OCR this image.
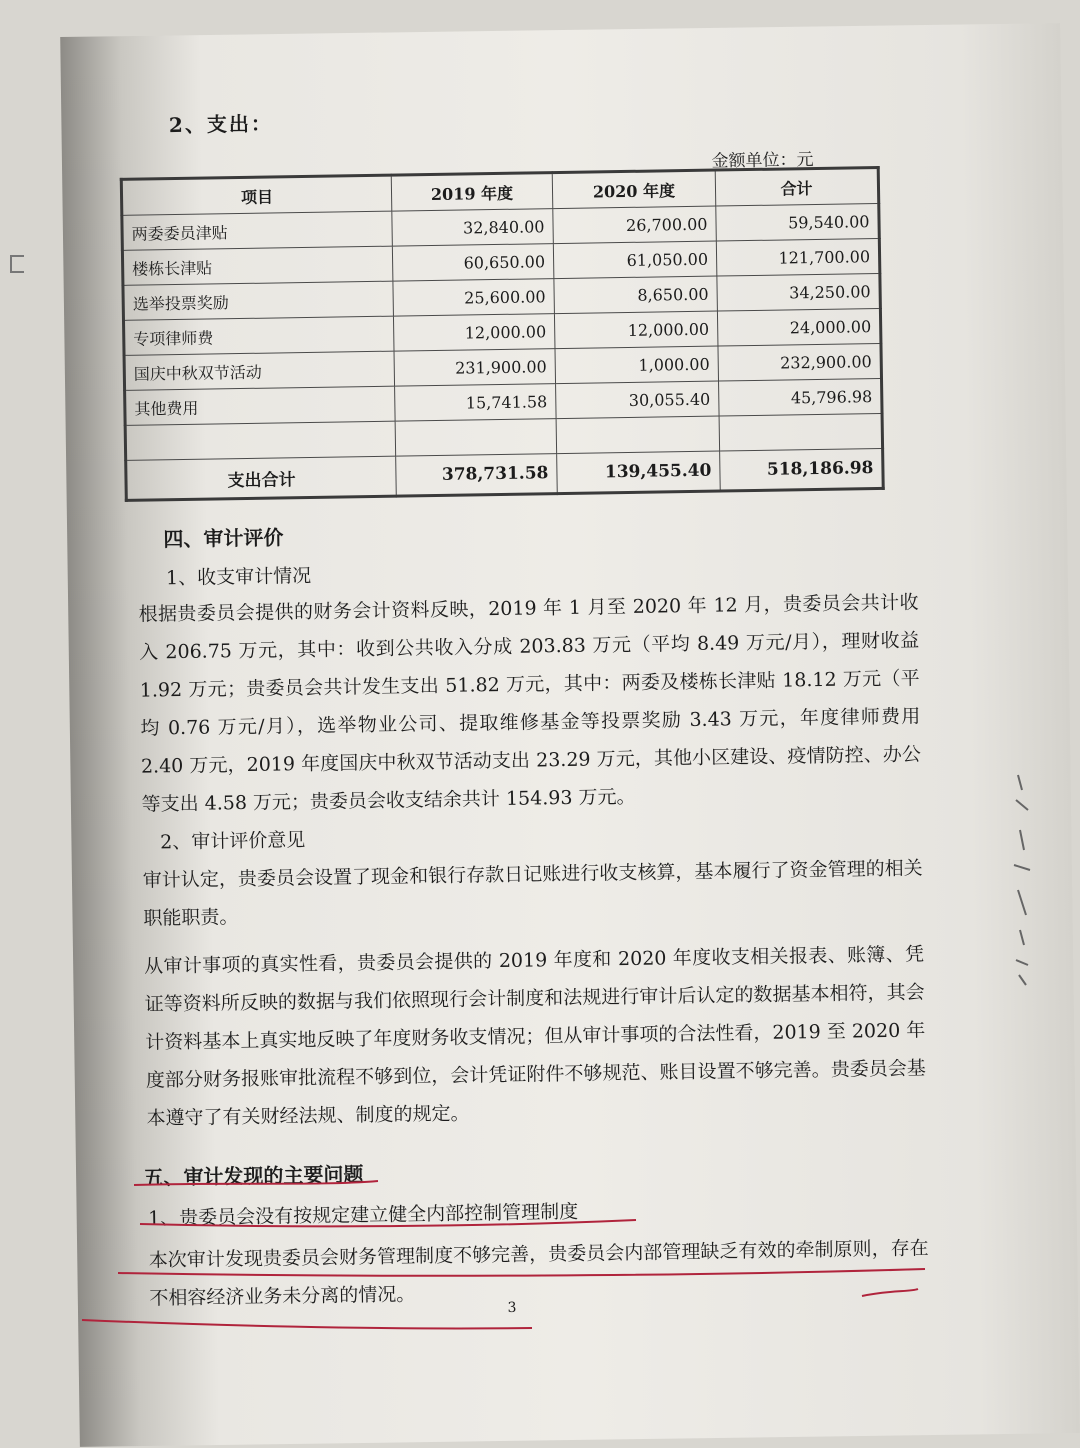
2、支出：
金额单位：元
项目	2019 年度	2020 年度	合计
两委委员津贴	32,840.00	26,700.00	59,540.00
楼栋长津贴	60,650.00	61,050.00	121,700.00
选举投票奖励	25,600.00	8,650.00	34,250.00
专项律师费	12,000.00	12,000.00	24,000.00
国庆中秋双节活动	231,900.00	1,000.00	232,900.00
其他费用	15,741.58	30,055.40	45,796.98

支出合计	378,731.58	139,455.40	518,186.98
四、审计评价
1、收支审计情况
根据贵委员会提供的财务会计资料反映，2019 年 1 月至 2020 年 12 月，贵委员会共计收入 206.75 万元，其中：收到公共收入分成 203.83 万元（平均 8.49 万元/月），理财收益 1.92 万元；贵委员会共计发生支出 51.82 万元，其中：两委及楼栋长津贴 18.12 万元（平均 0.76 万元/月），选举物业公司、提取维修基金等投票奖励 3.43 万元，年度律师费用 2.40 万元，2019 年度国庆中秋双节活动支出 23.29 万元，其他小区建设、疫情防控、办公等支出 4.58 万元；贵委员会收支结余共计 154.93 万元。
2、审计评价意见
审计认定，贵委员会设置了现金和银行存款日记账进行收支核算，基本履行了资金管理的相关职能职责。
从审计事项的真实性看，贵委员会提供的 2019 年度和 2020 年度收支相关报表、账簿、凭证等资料所反映的数据与我们依照现行会计制度和法规进行审计后认定的数据基本相符，其会计资料基本上真实地反映了年度财务收支情况；但从审计事项的合法性看，2019 至 2020 年度部分财务报账审批流程不够到位，会计凭证附件不够规范、账目设置不够完善。贵委员会基本遵守了有关财经法规、制度的规定。
五、审计发现的主要问题
1、贵委员会没有按规定建立健全内部控制管理制度
本次审计发现贵委员会财务管理制度不够完善，贵委员会内部管理缺乏有效的牵制原则，存在不相容经济业务未分离的情况。	3
